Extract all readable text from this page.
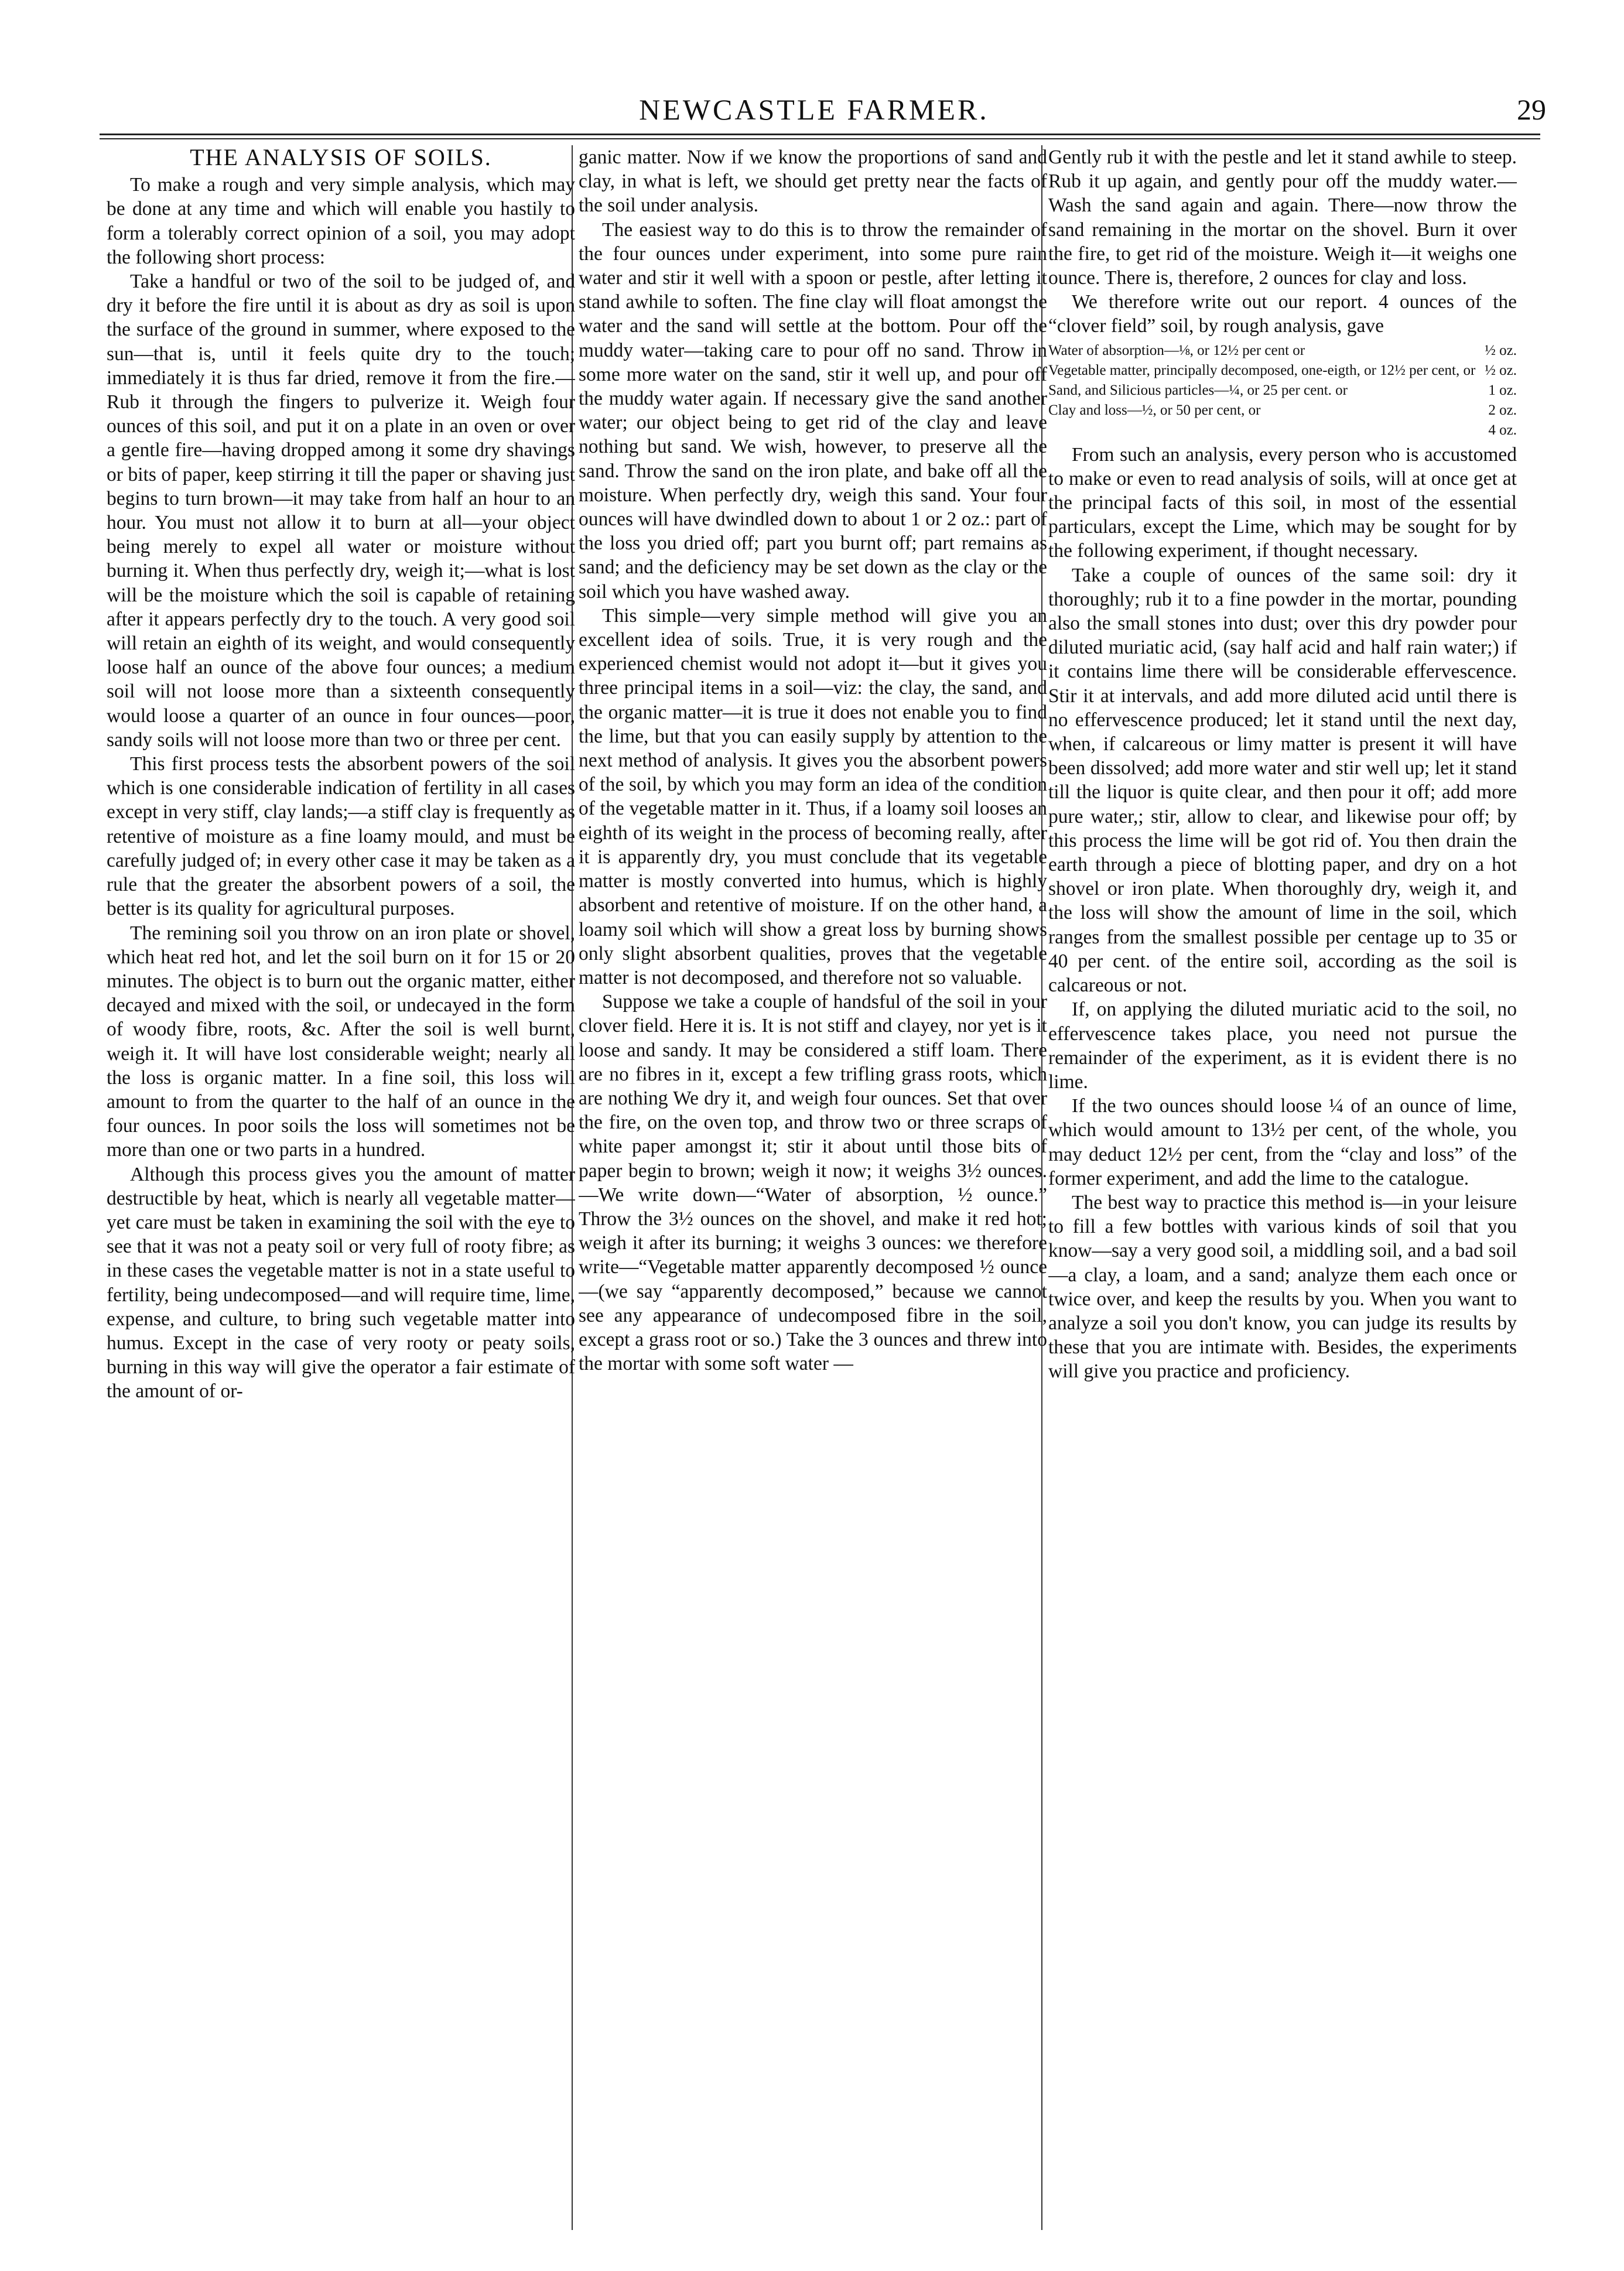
NEWCASTLE FARMER.	29
THE ANALYSIS OF SOILS.

To make a rough and very simple analysis, which may be done at any time and which will enable you hastily to form a tolerably correct opinion of a soil, you may adopt the following short process:

Take a handful or two of the soil to be judged of, and dry it before the fire until it is about as dry as soil is upon the surface of the ground in summer, where exposed to the sun—that is, until it feels quite dry to the touch; immediately it is thus far dried, remove it from the fire.—Rub it through the fingers to pulverize it. Weigh four ounces of this soil, and put it on a plate in an oven or over a gentle fire—having dropped among it some dry shavings or bits of paper, keep stirring it till the paper or shaving just begins to turn brown—it may take from half an hour to an hour. You must not allow it to burn at all—your object being merely to expel all water or moisture without burning it. When thus perfectly dry, weigh it;—what is lost will be the moisture which the soil is capable of retaining after it appears perfectly dry to the touch. A very good soil will retain an eighth of its weight, and would consequently loose half an ounce of the above four ounces; a medium soil will not loose more than a sixteenth consequently would loose a quarter of an ounce in four ounces—poor, sandy soils will not loose more than two or three per cent.

This first process tests the absorbent powers of the soil which is one considerable indication of fertility in all cases except in very stiff, clay lands;—a stiff clay is frequently as retentive of moisture as a fine loamy mould, and must be carefully judged of; in every other case it may be taken as a rule that the greater the absorbent powers of a soil, the better is its quality for agricultural purposes.

The remining soil you throw on an iron plate or shovel, which heat red hot, and let the soil burn on it for 15 or 20 minutes. The object is to burn out the organic matter, either decayed and mixed with the soil, or undecayed in the form of woody fibre, roots, &c. After the soil is well burnt, weigh it. It will have lost considerable weight; nearly all the loss is organic matter. In a fine soil, this loss will amount to from the quarter to the half of an ounce in the four ounces. In poor soils the loss will sometimes not be more than one or two parts in a hundred.

Although this process gives you the amount of matter destructible by heat, which is nearly all vegetable matter—yet care must be taken in examining the soil with the eye to see that it was not a peaty soil or very full of rooty fibre; as in these cases the vegetable matter is not in a state useful to fertility, being undecomposed—and will require time, lime, expense, and culture, to bring such vegetable matter into humus. Except in the case of very rooty or peaty soils, burning in this way will give the operator a fair estimate of the amount of or-

ganic matter. Now if we know the proportions of sand and clay, in what is left, we should get pretty near the facts of the soil under analysis.

The easiest way to do this is to throw the remainder of the four ounces under experiment, into some pure rain water and stir it well with a spoon or pestle, after letting it stand awhile to soften. The fine clay will float amongst the water and the sand will settle at the bottom. Pour off the muddy water—taking care to pour off no sand. Throw in some more water on the sand, stir it well up, and pour off the muddy water again. If necessary give the sand another water; our object being to get rid of the clay and leave nothing but sand. We wish, however, to preserve all the sand. Throw the sand on the iron plate, and bake off all the moisture. When perfectly dry, weigh this sand. Your four ounces will have dwindled down to about 1 or 2 oz.: part of the loss you dried off; part you burnt off; part remains as sand; and the deficiency may be set down as the clay or the soil which you have washed away.

This simple—very simple method will give you an excellent idea of soils. True, it is very rough and the experienced chemist would not adopt it—but it gives you three principal items in a soil—viz: the clay, the sand, and the organic matter—it is true it does not enable you to find the lime, but that you can easily supply by attention to the next method of analysis. It gives you the absorbent powers of the soil, by which you may form an idea of the condition of the vegetable matter in it. Thus, if a loamy soil looses an eighth of its weight in the process of becoming really, after it is apparently dry, you must conclude that its vegetable matter is mostly converted into humus, which is highly absorbent and retentive of moisture. If on the other hand, a loamy soil which will show a great loss by burning shows only slight absorbent qualities, proves that the vegetable matter is not decomposed, and therefore not so valuable.

Suppose we take a couple of handsful of the soil in your clover field. Here it is. It is not stiff and clayey, nor yet is it loose and sandy. It may be considered a stiff loam. There are no fibres in it, except a few trifling grass roots, which are nothing We dry it, and weigh four ounces. Set that over the fire, on the oven top, and throw two or three scraps of white paper amongst it; stir it about until those bits of paper begin to brown; weigh it now; it weighs 3½ ounces.—We write down—“Water of absorption, ½ ounce.” Throw the 3½ ounces on the shovel, and make it red hot; weigh it after its burning; it weighs 3 ounces: we therefore write—“Vegetable matter apparently decomposed ½ ounce—(we say “apparently decomposed,” because we cannot see any appearance of undecomposed fibre in the soil, except a grass root or so.) Take the 3 ounces and threw into the mortar with some soft water —

Gently rub it with the pestle and let it stand awhile to steep. Rub it up again, and gently pour off the muddy water.—Wash the sand again and again. There—now throw the sand remaining in the mortar on the shovel. Burn it over the fire, to get rid of the moisture. Weigh it—it weighs one ounce. There is, therefore, 2 ounces for clay and loss.

We therefore write out our report. 4 ounces of the “clover field” soil, by rough analysis, gave

Water of absorption—⅛, or 12½ per cent or	½ oz.
Vegetable matter, principally decomposed, one-eigth, or 12½ per cent, or ½ oz.
Sand, and Silicious particles—¼, or 25 per cent. or	1 oz.
Clay and loss—½, or 50 per cent, or	2 oz.
4 oz.

From such an analysis, every person who is accustomed to make or even to read analysis of soils, will at once get at the principal facts of this soil, in most of the essential particulars, except the Lime, which may be sought for by the following experiment, if thought necessary.

Take a couple of ounces of the same soil: dry it thoroughly; rub it to a fine powder in the mortar, pounding also the small stones into dust; over this dry powder pour diluted muriatic acid, (say half acid and half rain water;) if it contains lime there will be considerable effervescence. Stir it at intervals, and add more diluted acid until there is no effervescence produced; let it stand until the next day, when, if calcareous or limy matter is present it will have been dissolved; add more water and stir well up; let it stand till the liquor is quite clear, and then pour it off; add more pure water,; stir, allow to clear, and likewise pour off; by this process the lime will be got rid of. You then drain the earth through a piece of blotting paper, and dry on a hot shovel or iron plate. When thoroughly dry, weigh it, and the loss will show the amount of lime in the soil, which ranges from the smallest possible per centage up to 35 or 40 per cent. of the entire soil, according as the soil is calcareous or not.

If, on applying the diluted muriatic acid to the soil, no effervescence takes place, you need not pursue the remainder of the experiment, as it is evident there is no lime.

If the two ounces should loose ¼ of an ounce of lime, which would amount to 13½ per cent, of the whole, you may deduct 12½ per cent, from the “clay and loss” of the former experiment, and add the lime to the catalogue.

The best way to practice this method is—in your leisure to fill a few bottles with various kinds of soil that you know—say a very good soil, a middling soil, and a bad soil—a clay, a loam, and a sand; analyze them each once or twice over, and keep the results by you. When you want to analyze a soil you don't know, you can judge its results by these that you are intimate with. Besides, the experiments will give you practice and proficiency.
